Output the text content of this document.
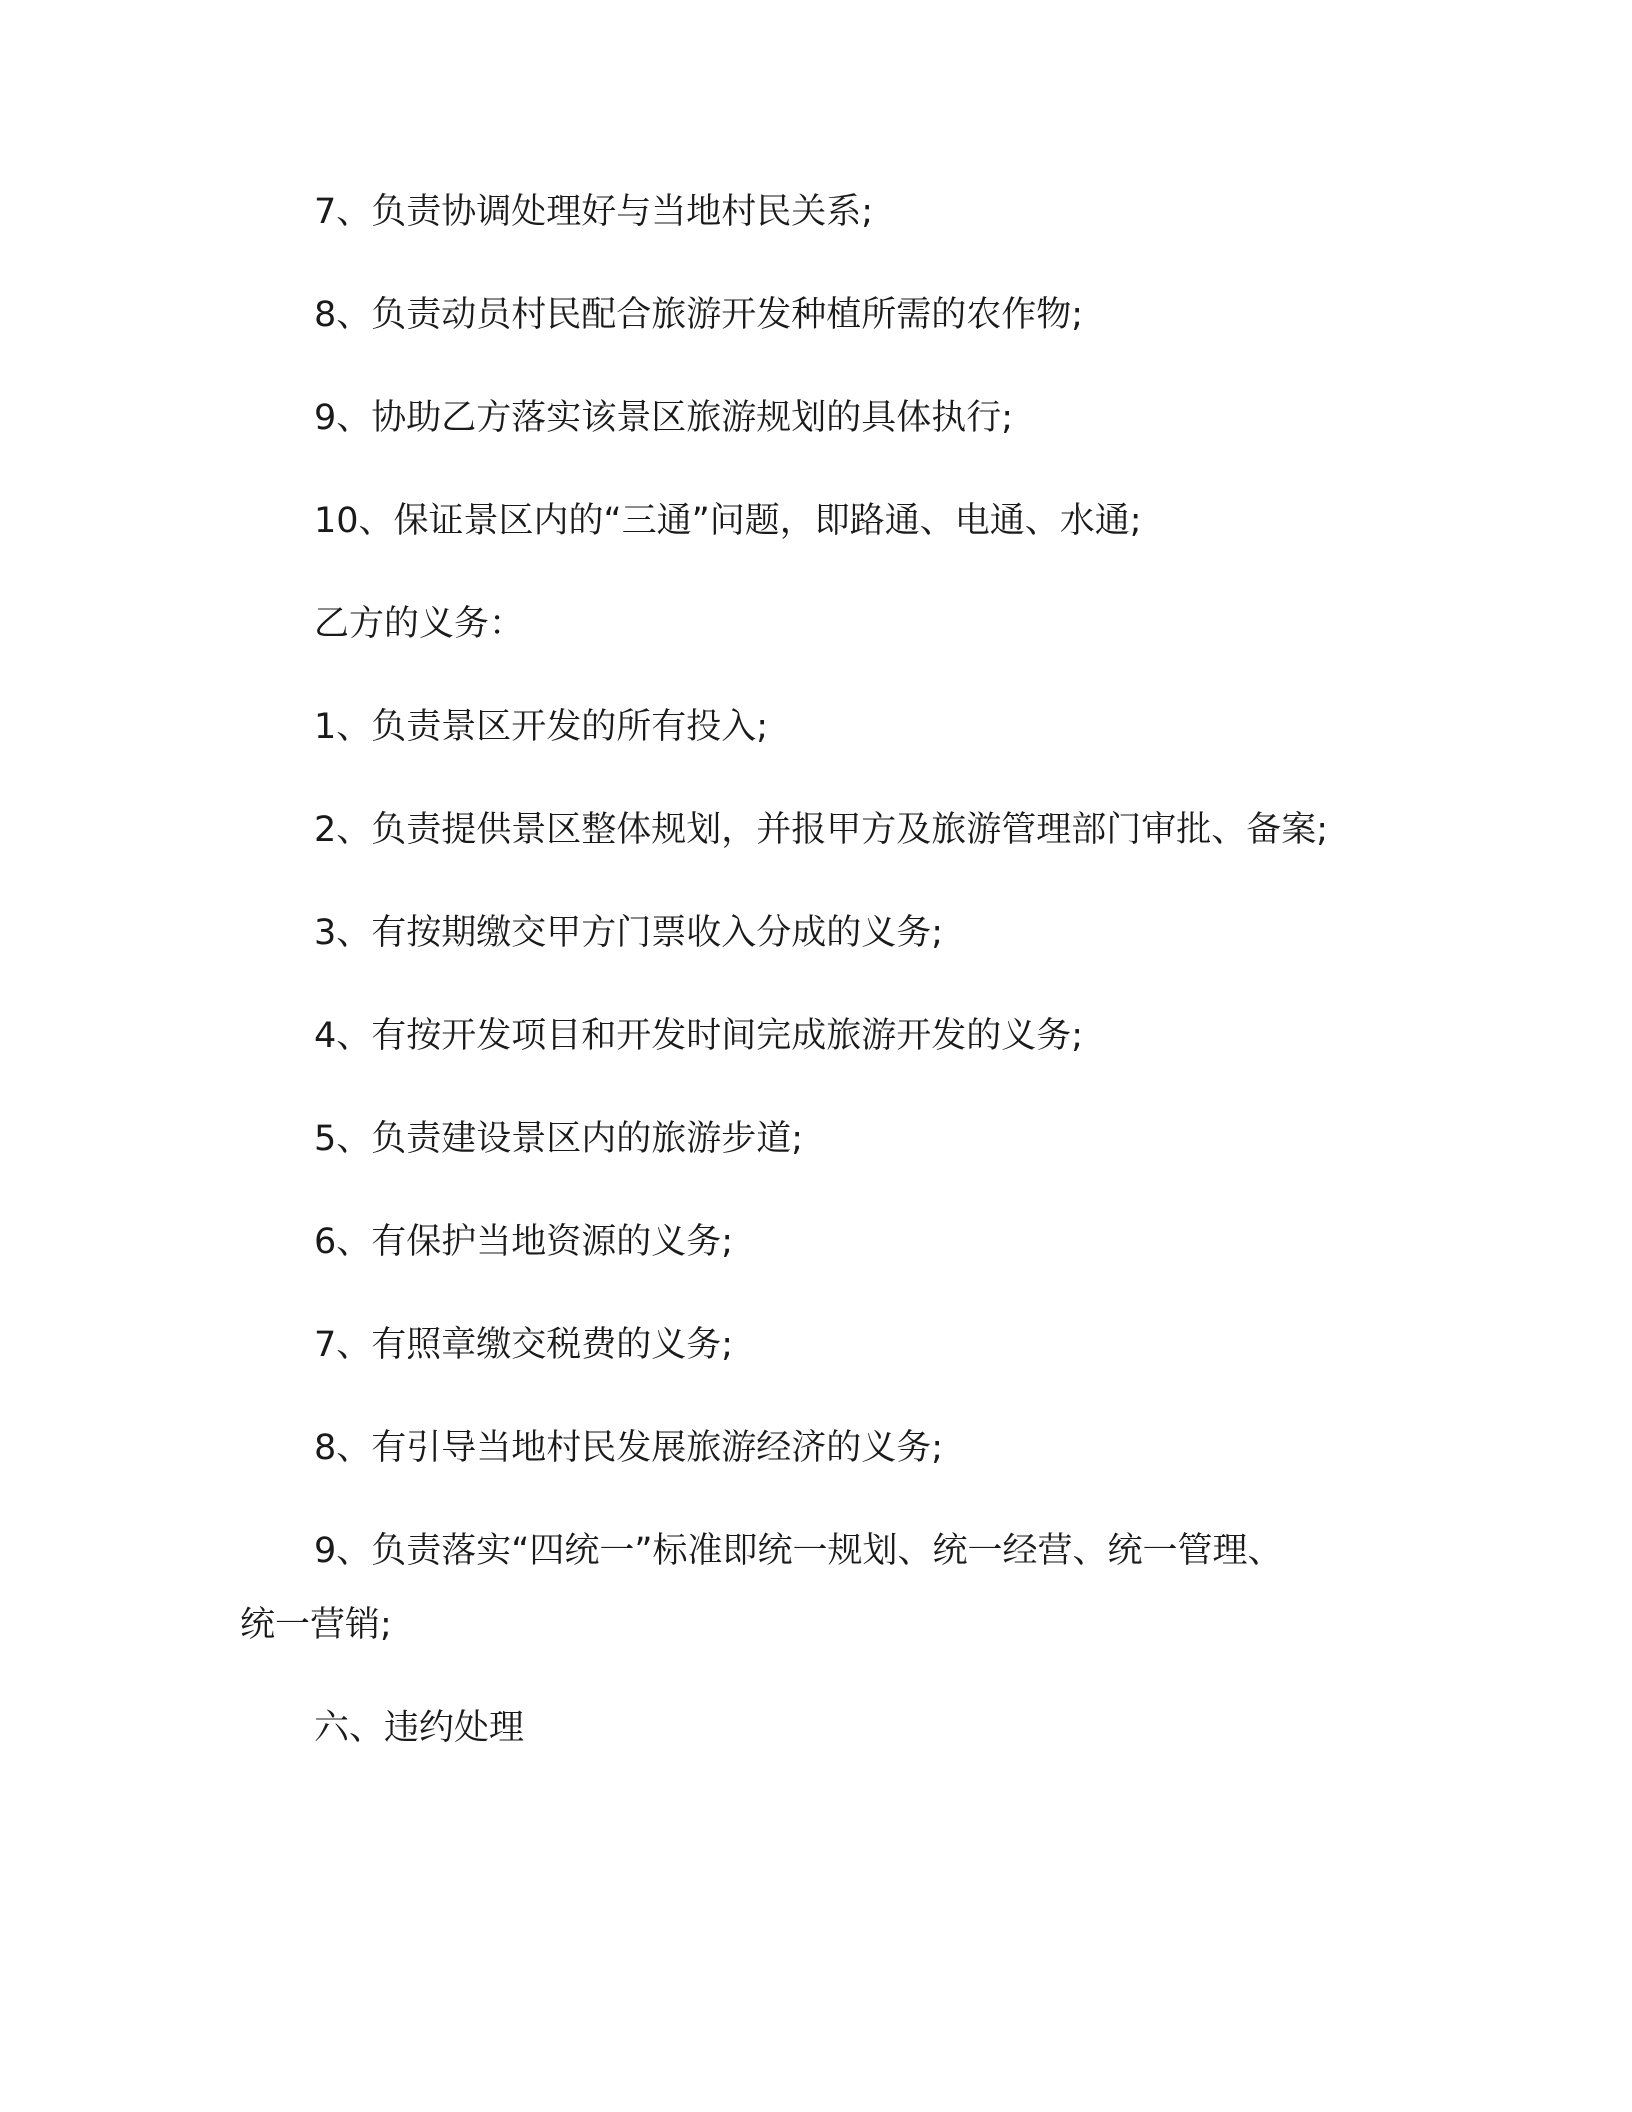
7、负责协调处理好与当地村民关系;
8、负责动员村民配合旅游开发种植所需的农作物;
9、协助乙方落实该景区旅游规划的具体执行;
10、保证景区内的“三通”问题，即路通、电通、水通;
乙方的义务：
1、负责景区开发的所有投入;
2、负责提供景区整体规划，并报甲方及旅游管理部门审批、备案;
3、有按期缴交甲方门票收入分成的义务;
4、有按开发项目和开发时间完成旅游开发的义务;
5、负责建设景区内的旅游步道;
6、有保护当地资源的义务;
7、有照章缴交税费的义务;
8、有引导当地村民发展旅游经济的义务;
9、负责落实“四统一”标准即统一规划、统一经营、统一管理、
统一营销;
六、违约处理
